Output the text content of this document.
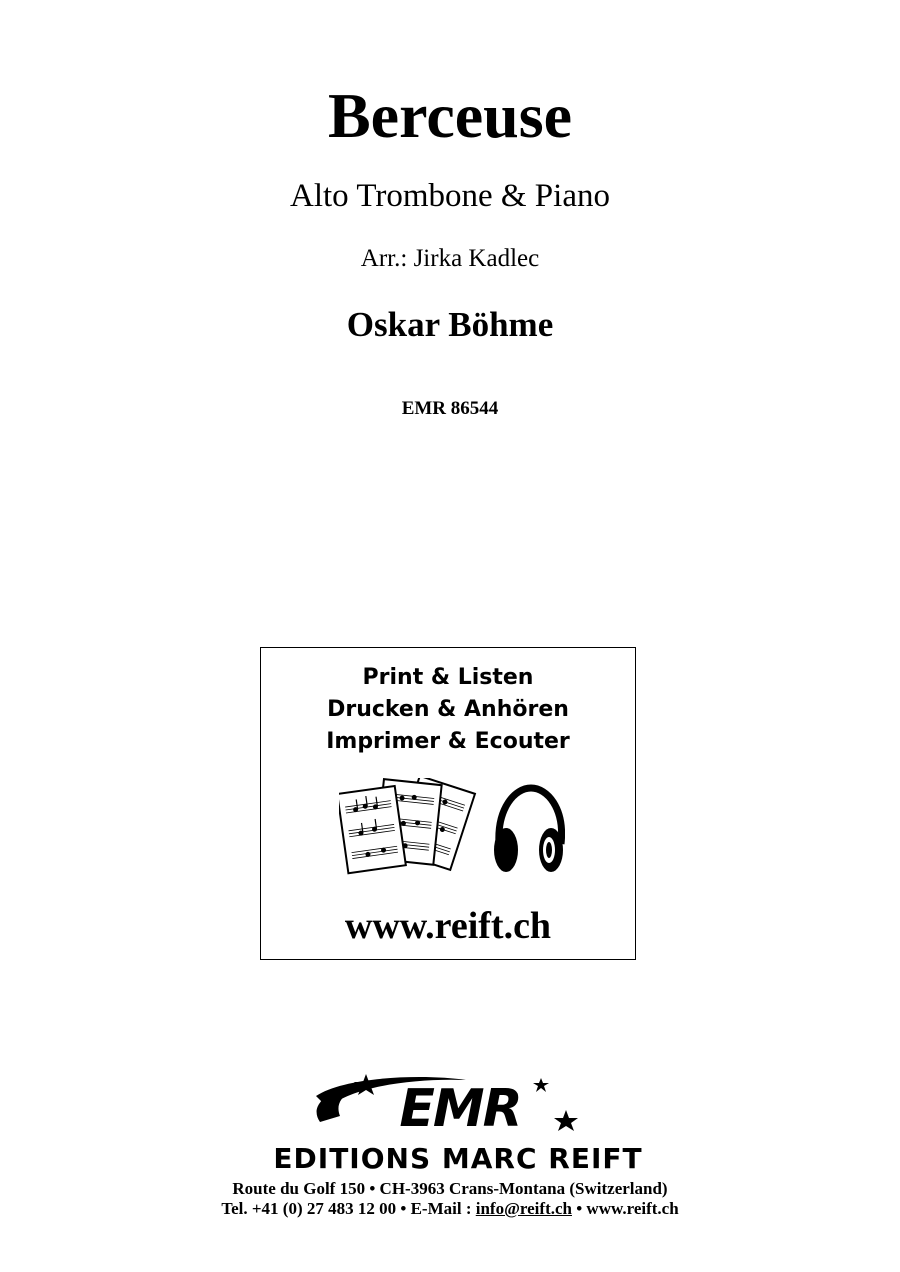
Berceuse
Alto Trombone & Piano
Arr.: Jirka Kadlec
Oskar Böhme
EMR 86544
Print & Listen
Drucken & Anhören
Imprimer & Ecouter
www.reift.ch
EMR
EDITIONS MARC REIFT
Route du Golf 150 • CH-3963 Crans-Montana (Switzerland)
Tel. +41 (0) 27 483 12 00 • E-Mail : info@reift.ch • www.reift.ch
